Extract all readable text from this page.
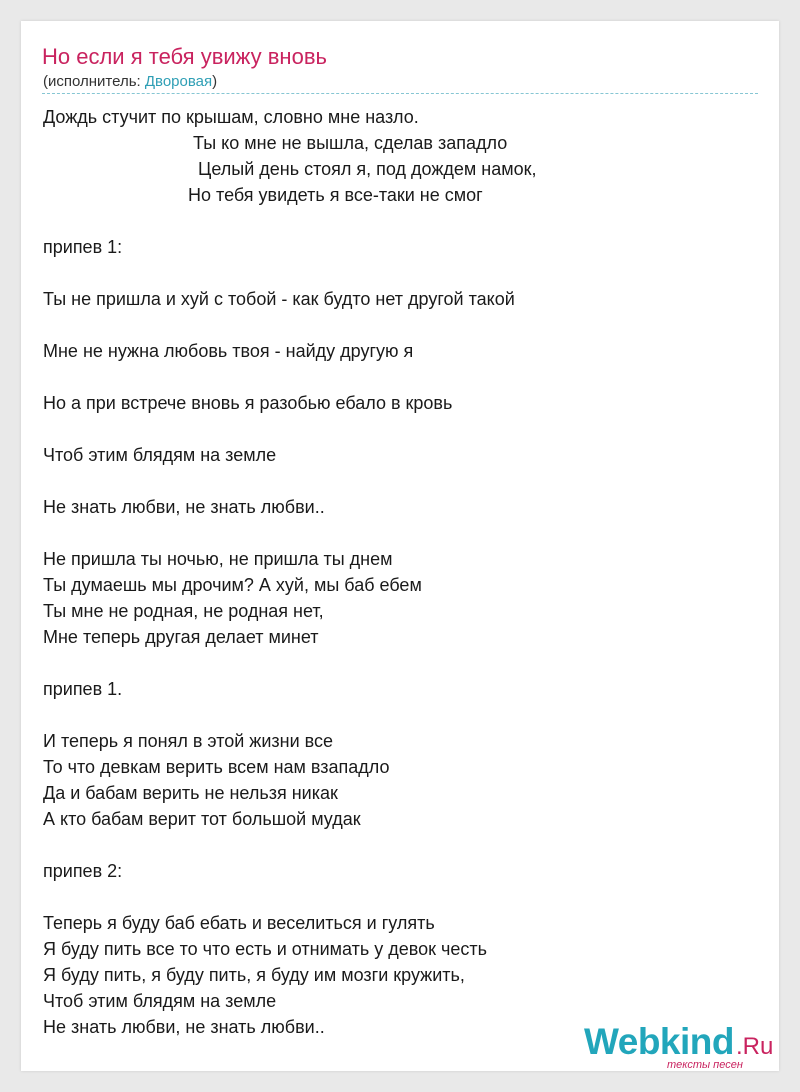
Но если я тебя увижу вновь
(исполнитель: Дворовая)
Дождь стучит по крышам, словно мне назло.
Ты ко мне не вышла, сделав западло
Целый день стоял я, под дождем намок,
Но тебя увидеть я все-таки не смог

припев 1:

Ты не пришла и хуй с тобой - как будто нет другой такой

Мне не нужна любовь твоя - найду другую я

Но а при встрече вновь я разобью ебало в кровь

Чтоб этим блядям на земле

Не знать любви, не знать любви..

Не пришла ты ночью, не пришла ты днем
Ты думаешь мы дрочим? А хуй, мы баб ебем
Ты мне не родная, не родная нет,
Мне теперь другая делает минет

припев 1.

И теперь я понял в этой жизни все
То что девкам верить всем нам взападло
Да и бабам верить не нельзя никак
А кто бабам верит тот большой мудак

припев 2:

Теперь я буду баб ебать и веселиться и гулять
Я буду пить все то что есть и отнимать у девок честь
Я буду пить, я буду пить, я буду им мозги кружить,
Чтоб этим блядям на земле
Не знать любви, не знать любви..	Webkind .Ru
тексты песен
